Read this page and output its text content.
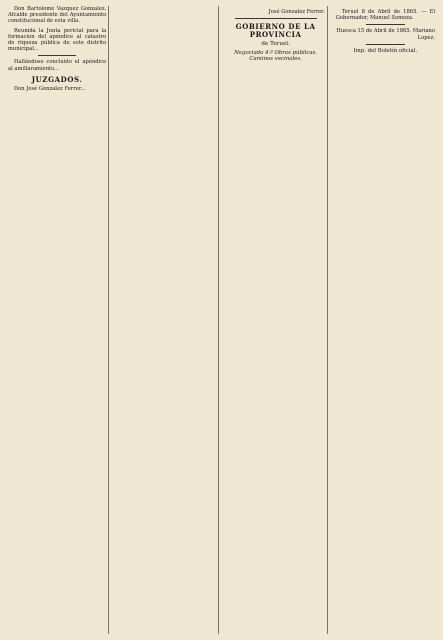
Don Bartolomé Vazquez Gonzalez. Afcalde presidente del Ayuntamiento constitucional de esta villa.
Reunida la Junta pericial para la formacion del apéndice al catastro de riqueza pública de este distrito municipal...
Hallándose concluido el apéndice al amillaramiento...
JUZGADOS.
Don José Gonzalez Ferrer...
José Gonzalez Ferrer.
GOBIERNO DE LA PROVINCIA
de Teruel.
Negociado 4.º Obras públicas. Caminos vecinales.
Teruel 8 de Abril de 1865. — El Gobernador, Manuel Somoza.
Huesca 15 de Abril de 1865. Mariano Lopez.
Imp. del Boletín oficial.
